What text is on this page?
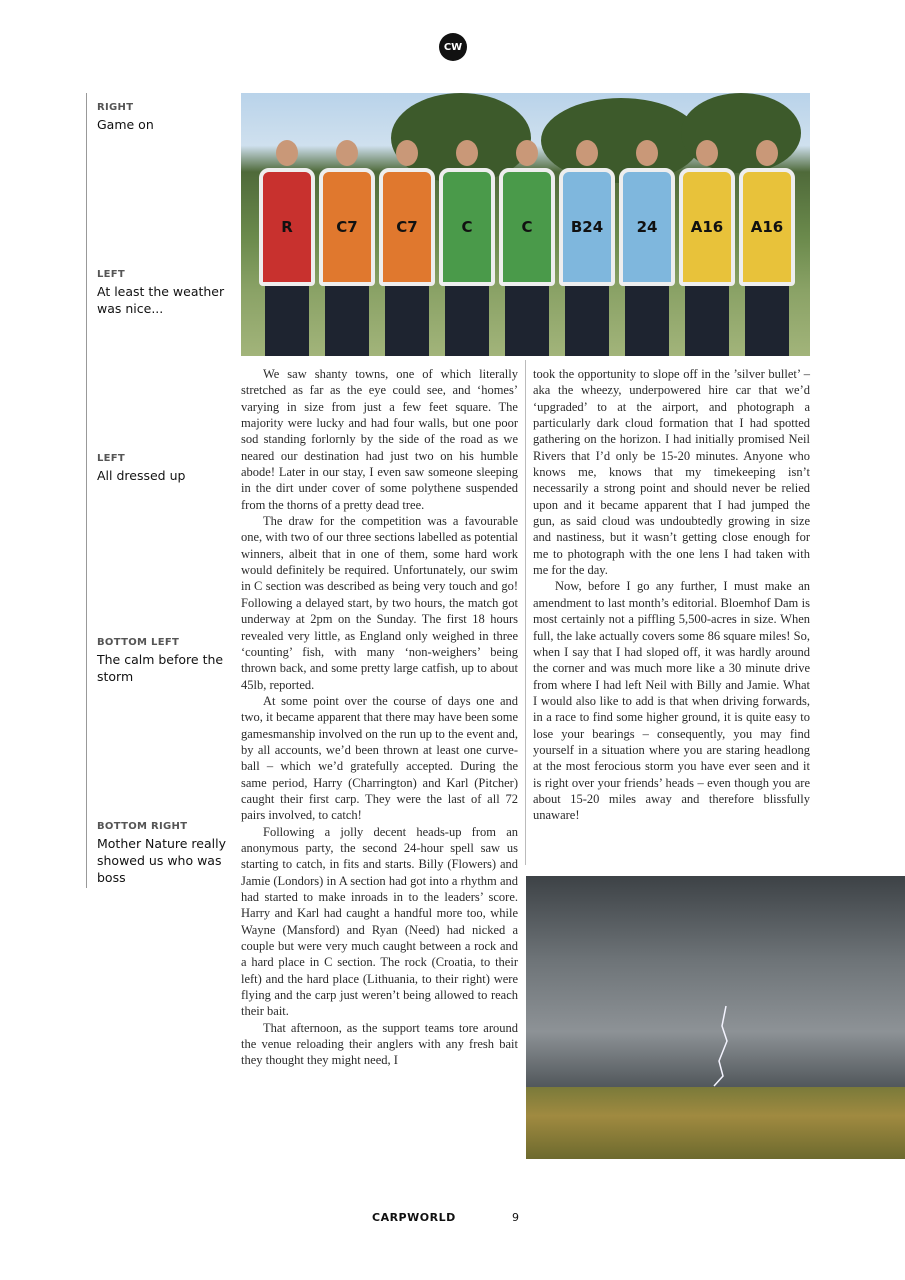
CW
RIGHT
Game on
LEFT
At least the weather was nice...
LEFT
All dressed up
BOTTOM LEFT
The calm before the storm
BOTTOM RIGHT
Mother Nature really showed us who was boss
R	C7	C7	C	C	B24	24	A16	A16

We saw shanty towns, one of which literally stretched as far as the eye could see, and ‘homes’ varying in size from just a few feet square. The majority were lucky and had four walls, but one poor sod standing forlornly by the side of the road as we neared our destination had just two on his humble abode! Later in our stay, I even saw someone sleeping in the dirt under cover of some polythene suspended from the thorns of a pretty dead tree.

The draw for the competition was a favourable one, with two of our three sections labelled as potential winners, albeit that in one of them, some hard work would definitely be required. Unfortunately, our swim in C section was described as being very touch and go! Following a delayed start, by two hours, the match got underway at 2pm on the Sunday. The first 18 hours revealed very little, as England only weighed in three ‘counting’ fish, with many ‘non-weighers’ being thrown back, and some pretty large catfish, up to about 45lb, reported.

At some point over the course of days one and two, it became apparent that there may have been some gamesmanship involved on the run up to the event and, by all accounts, we’d been thrown at least one curve-ball – which we’d gratefully accepted. During the same period, Harry (Charrington) and Karl (Pitcher) caught their first carp. They were the last of all 72 pairs involved, to catch!

Following a jolly decent heads-up from an anonymous party, the second 24-hour spell saw us starting to catch, in fits and starts. Billy (Flowers) and Jamie (Londors) in A section had got into a rhythm and had started to make inroads in to the leaders’ score. Harry and Karl had caught a handful more too, while Wayne (Mansford) and Ryan (Need) had nicked a couple but were very much caught between a rock and a hard place in C section. The rock (Croatia, to their left) and the hard place (Lithuania, to their right) were flying and the carp just weren’t being allowed to reach their bait.

That afternoon, as the support teams tore around the venue reloading their anglers with any fresh bait they thought they might need, I

took the opportunity to slope off in the ’silver bullet’ – aka the wheezy, underpowered hire car that we’d ‘upgraded’ to at the airport, and photograph a particularly dark cloud formation that I had spotted gathering on the horizon. I had initially promised Neil Rivers that I’d only be 15-20 minutes. Anyone who knows me, knows that my timekeeping isn’t necessarily a strong point and should never be relied upon and it became apparent that I had jumped the gun, as said cloud was undoubtedly growing in size and nastiness, but it wasn’t getting close enough for me to photograph with the one lens I had taken with me for the day.

Now, before I go any further, I must make an amendment to last month’s editorial. Bloemhof Dam is most certainly not a piffling 5,500-acres in size. When full, the lake actually covers some 86 square miles! So, when I say that I had sloped off, it was hardly around the corner and was much more like a 30 minute drive from where I had left Neil with Billy and Jamie. What I would also like to add is that when driving forwards, in a race to find some higher ground, it is quite easy to lose your bearings – consequently, you may find yourself in a situation where you are staring headlong at the most ferocious storm you have ever seen and it is right over your friends’ heads – even though you are about 15-20 miles away and therefore blissfully unaware!

CARPWORLD	9
